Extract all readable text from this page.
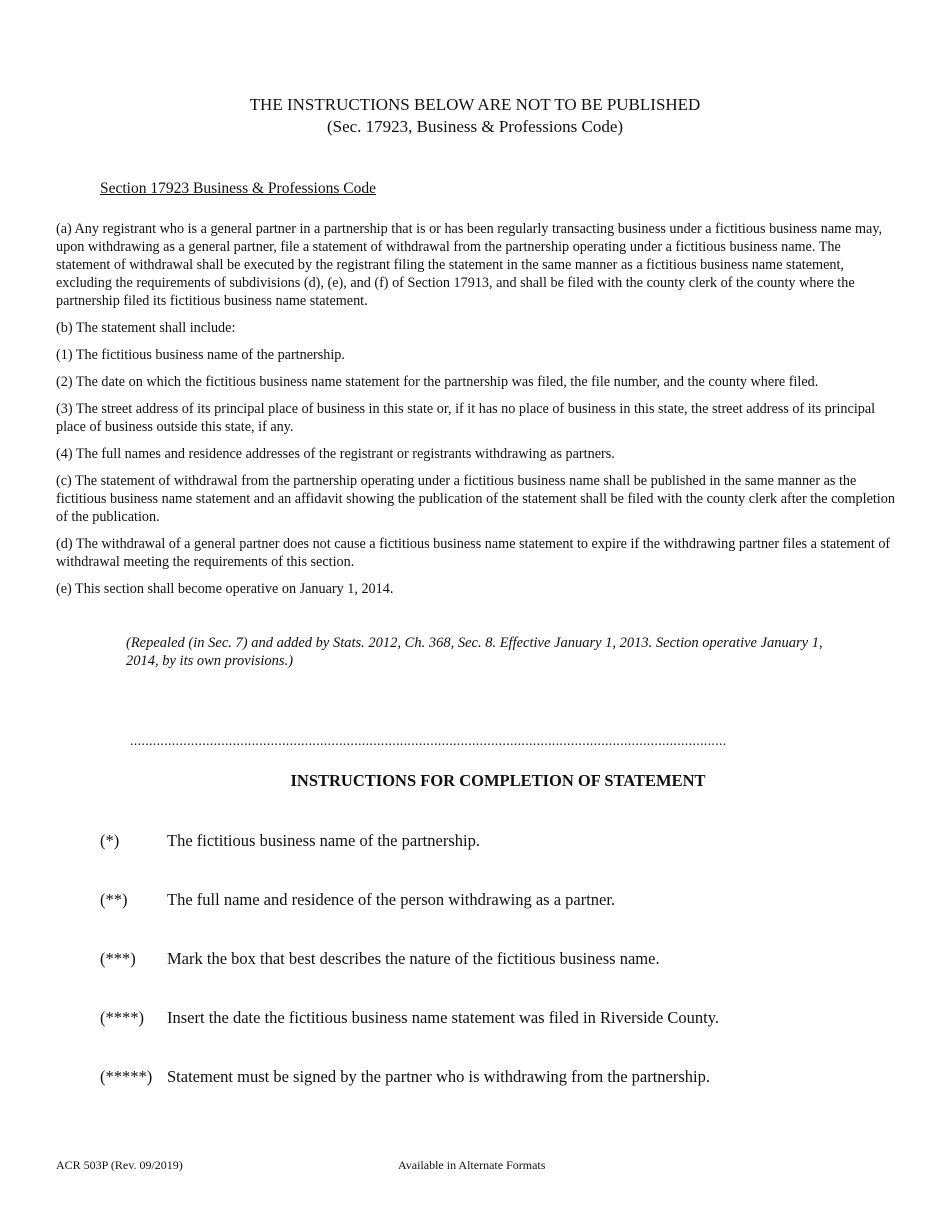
THE INSTRUCTIONS BELOW ARE NOT TO BE PUBLISHED
(Sec. 17923, Business & Professions Code)
Section 17923 Business & Professions Code

(a) Any registrant who is a general partner in a partnership that is or has been regularly transacting business under a fictitious business name may, upon withdrawing as a general partner, file a statement of withdrawal from the partnership operating under a fictitious business name. The statement of withdrawal shall be executed by the registrant filing the statement in the same manner as a fictitious business name statement, excluding the requirements of subdivisions (d), (e), and (f) of Section 17913, and shall be filed with the county clerk of the county where the partnership filed its fictitious business name statement.

(b) The statement shall include:

(1) The fictitious business name of the partnership.

(2) The date on which the fictitious business name statement for the partnership was filed, the file number, and the county where filed.

(3) The street address of its principal place of business in this state or, if it has no place of business in this state, the street address of its principal place of business outside this state, if any.

(4) The full names and residence addresses of the registrant or registrants withdrawing as partners.

(c) The statement of withdrawal from the partnership operating under a fictitious business name shall be published in the same manner as the fictitious business name statement and an affidavit showing the publication of the statement shall be filed with the county clerk after the completion of the publication.

(d) The withdrawal of a general partner does not cause a fictitious business name statement to expire if the withdrawing partner files a statement of withdrawal meeting the requirements of this section.

(e) This section shall become operative on January 1, 2014.

(Repealed (in Sec. 7) and added by Stats. 2012, Ch. 368, Sec. 8. Effective January 1, 2013. Section operative January 1, 2014, by its own provisions.)
.............................................................................................................................................................
INSTRUCTIONS FOR COMPLETION OF STATEMENT
(*)	The fictitious business name of the partnership.
(**) The full name and residence of the person withdrawing as a partner.
(***) Mark the box that best describes the nature of the fictitious business name.
(****) Insert the date the fictitious business name statement was filed in Riverside County.
(*****) Statement must be signed by the partner who is withdrawing from the partnership.
ACR 503P (Rev. 09/2019)	Available in Alternate Formats
